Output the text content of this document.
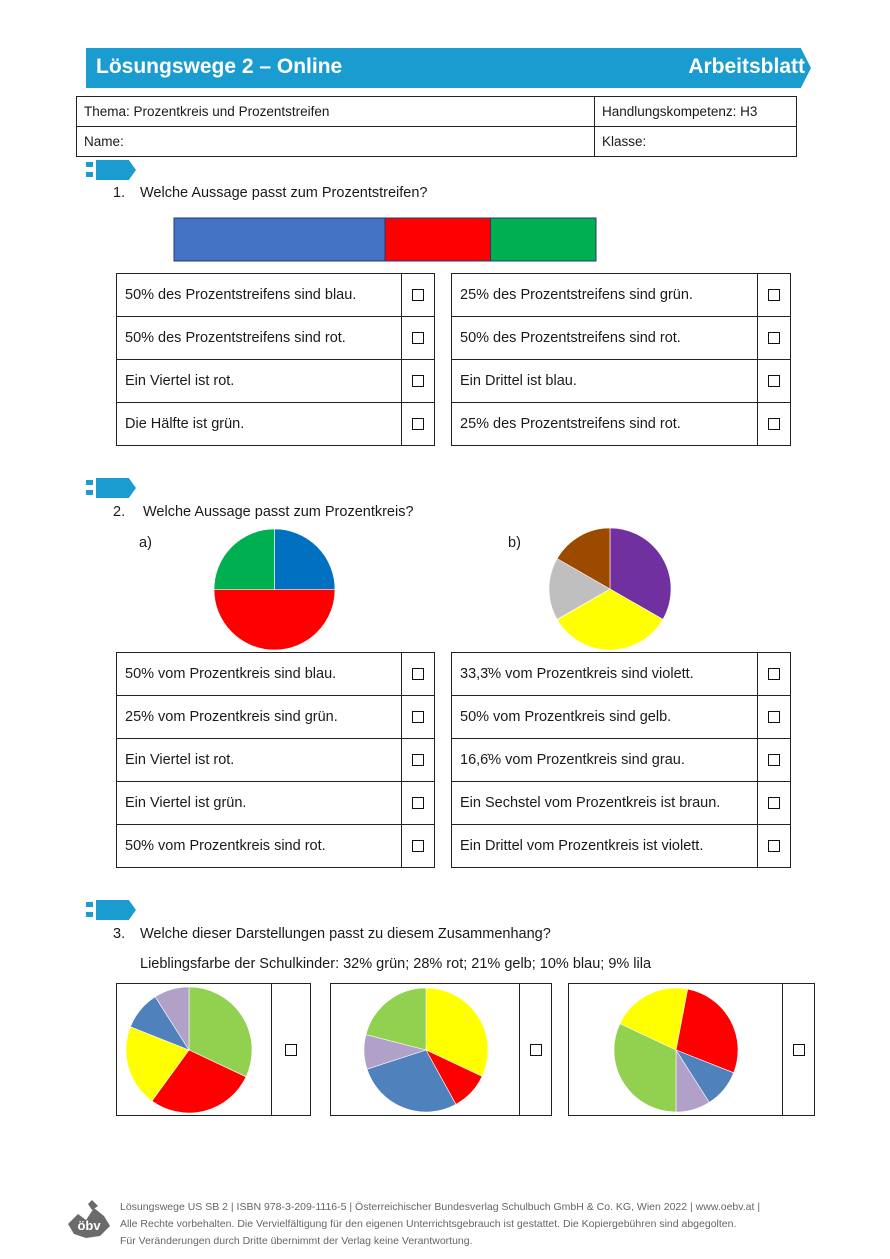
Lösungswege 2 – Online	Arbeitsblatt
Thema: Prozentkreis und Prozentstreifen	Handlungskompetenz: H3
Name:	Klasse:
1. Welche Aussage passt zum Prozentstreifen?
50% des Prozentstreifens sind blau.	
50% des Prozentstreifens sind rot.	
Ein Viertel ist rot.	
Die Hälfte ist grün.	
25% des Prozentstreifens sind grün.	
50% des Prozentstreifens sind rot.	
Ein Drittel ist blau.	
25% des Prozentstreifens sind rot.	
2. Welche Aussage passt zum Prozentkreis?
a)	b)
50% vom Prozentkreis sind blau.	
25% vom Prozentkreis sind grün.	
Ein Viertel ist rot.	
Ein Viertel ist grün.	
50% vom Prozentkreis sind rot.	
33,3̇% vom Prozentkreis sind violett.	
50% vom Prozentkreis sind gelb.	
16,6̇% vom Prozentkreis sind grau.	
Ein Sechstel vom Prozentkreis ist braun.	
Ein Drittel vom Prozentkreis ist violett.	
3. Welche dieser Darstellungen passt zu diesem Zusammenhang?
Lieblingsfarbe der Schulkinder: 32% grün; 28% rot; 21% gelb; 10% blau; 9% lila
öbv
Lösungswege US SB 2 | ISBN 978-3-209-1116-5 | Österreichischer Bundesverlag Schulbuch GmbH & Co. KG, Wien 2022 | www.oebv.at |
Alle Rechte vorbehalten. Die Vervielfältigung für den eigenen Unterrichtsgebrauch ist gestattet. Die Kopiergebühren sind abgegolten.
Für Veränderungen durch Dritte übernimmt der Verlag keine Verantwortung.
